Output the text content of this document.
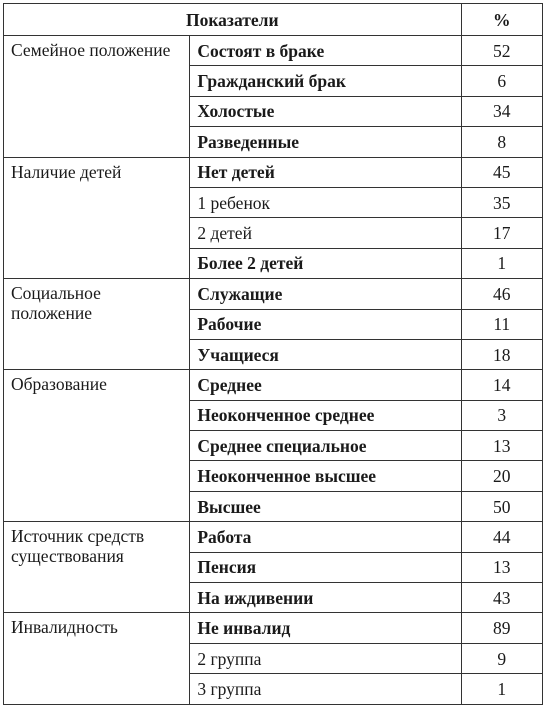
Показатели		%
Семейное положение	Состоят в браке	52
	Гражданский брак	6
	Холостые	34
	Разведенные	8
Наличие детей	Нет детей	45
	1 ребенок	35
	2 детей	17
	Более 2 детей	1
Социальное положение	Служащие	46
	Рабочие	11
	Учащиеся	18
Образование	Среднее	14
	Неоконченное среднее	3
	Среднее специальное	13
	Неоконченное высшее	20
	Высшее	50
Источник средств существования	Работа	44
	Пенсия	13
	На иждивении	43
Инвалидность	Не инвалид	89
	2 группа	9
	3 группа	1
